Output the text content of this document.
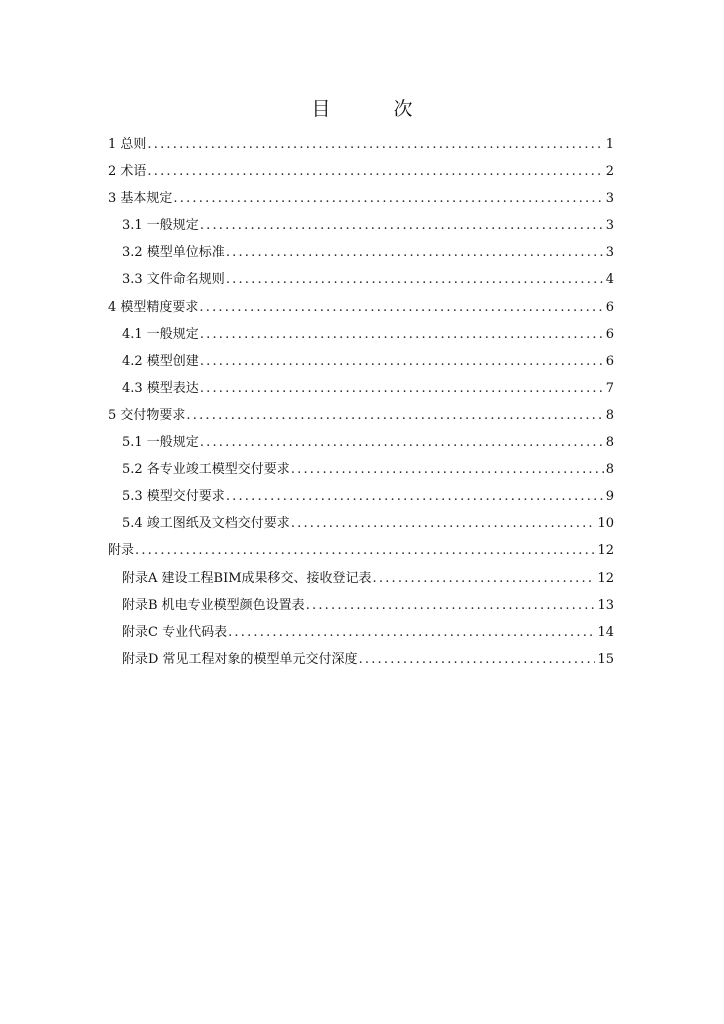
目　次
1 总则 .....	1
2 术语 .....	2
3 基本规定 .....	3
3.1 一般规定 .....	3
3.2 模型单位标准 .....	3
3.3 文件命名规则 .....	4
4 模型精度要求 .....	6
4.1 一般规定 .....	6
4.2 模型创建 .....	6
4.3 模型表达 .....	7
5 交付物要求 .....	8
5.1 一般规定 .....	8
5.2 各专业竣工模型交付要求 .....	8
5.3 模型交付要求 .....	9
5.4 竣工图纸及文档交付要求 .....	10
附录 .....	12
附录A 建设工程BIM成果移交、接收登记表 .....	12
附录B 机电专业模型颜色设置表 .....	13
附录C 专业代码表 .....	14
附录D 常见工程对象的模型单元交付深度 .....	15
